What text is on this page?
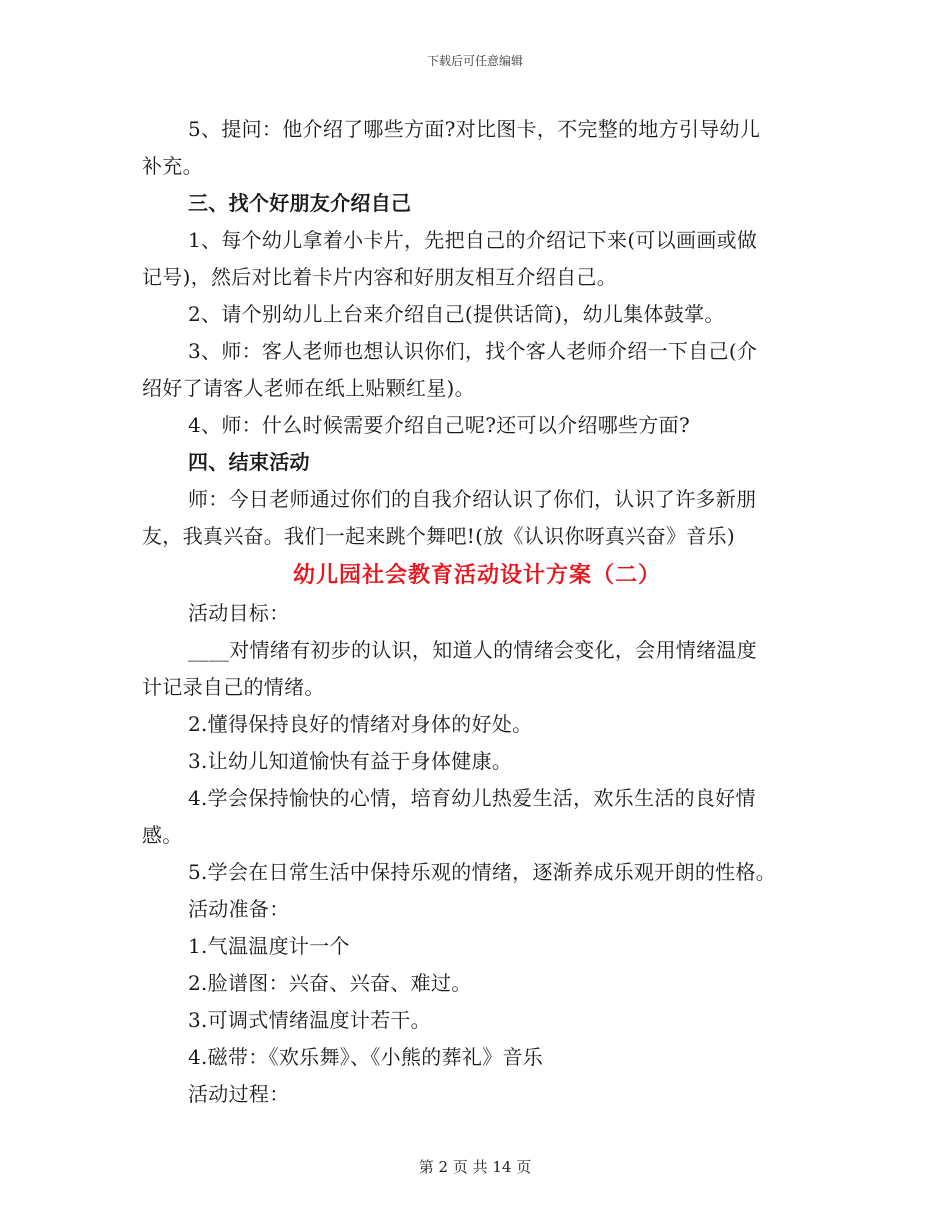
下载后可任意编辑
5、提问：他介绍了哪些方面?对比图卡，不完整的地方引导幼儿
补充。
三、找个好朋友介绍自己
1、每个幼儿拿着小卡片，先把自己的介绍记下来(可以画画或做
记号)，然后对比着卡片内容和好朋友相互介绍自己。
2、请个别幼儿上台来介绍自己(提供话筒)，幼儿集体鼓掌。
3、师：客人老师也想认识你们，找个客人老师介绍一下自己(介
绍好了请客人老师在纸上贴颗红星)。
4、师：什么时候需要介绍自己呢?还可以介绍哪些方面?
四、结束活动
师：今日老师通过你们的自我介绍认识了你们，认识了许多新朋
友，我真兴奋。我们一起来跳个舞吧!(放《认识你呀真兴奋》音乐)
幼儿园社会教育活动设计方案（二）
活动目标：
____对情绪有初步的认识，知道人的情绪会变化，会用情绪温度
计记录自己的情绪。
2.懂得保持良好的情绪对身体的好处。
3.让幼儿知道愉快有益于身体健康。
4.学会保持愉快的心情，培育幼儿热爱生活，欢乐生活的良好情
感。
5.学会在日常生活中保持乐观的情绪，逐渐养成乐观开朗的性格。
活动准备：
1.气温温度计一个
2.脸谱图：兴奋、兴奋、难过。
3.可调式情绪温度计若干。
4.磁带：《欢乐舞》、《小熊的葬礼》音乐
活动过程：
第 2 页 共 14 页
